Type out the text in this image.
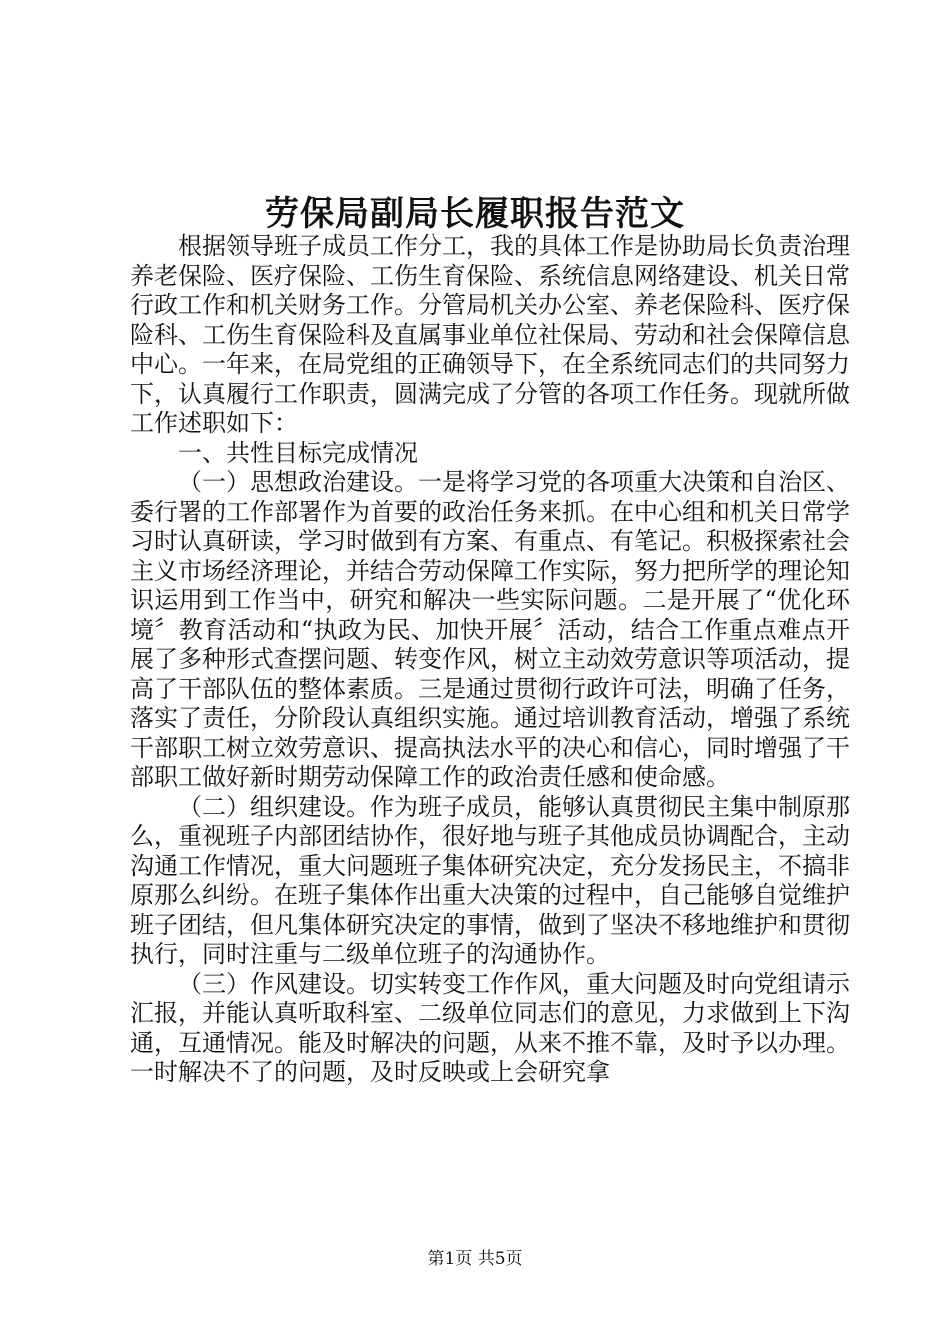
劳保局副局长履职报告范文

根据领导班子成员工作分工，我的具体工作是协助局长负责治理养老保险、医疗保险、工伤生育保险、系统信息网络建设、机关日常行政工作和机关财务工作。分管局机关办公室、养老保险科、医疗保险科、工伤生育保险科及直属事业单位社保局、劳动和社会保障信息中心。一年来，在局党组的正确领导下，在全系统同志们的共同努力下，认真履行工作职责，圆满完成了分管的各项工作任务。现就所做工作述职如下：

一、共性目标完成情况

（一）思想政治建设。一是将学习党的各项重大决策和自治区、委行署的工作部署作为首要的政治任务来抓。在中心组和机关日常学习时认真研读，学习时做到有方案、有重点、有笔记。积极探索社会主义市场经济理论，并结合劳动保障工作实际，努力把所学的理论知识运用到工作当中，研究和解决一些实际问题。二是开展了“优化环境〞教育活动和“执政为民、加快开展〞活动，结合工作重点难点开展了多种形式查摆问题、转变作风，树立主动效劳意识等项活动，提高了干部队伍的整体素质。三是通过贯彻行政许可法，明确了任务，落实了责任，分阶段认真组织实施。通过培训教育活动，增强了系统干部职工树立效劳意识、提高执法水平的决心和信心，同时增强了干部职工做好新时期劳动保障工作的政治责任感和使命感。

（二）组织建设。作为班子成员，能够认真贯彻民主集中制原那么，重视班子内部团结协作，很好地与班子其他成员协调配合，主动沟通工作情况，重大问题班子集体研究决定，充分发扬民主，不搞非原那么纠纷。在班子集体作出重大决策的过程中，自己能够自觉维护班子团结，但凡集体研究决定的事情，做到了坚决不移地维护和贯彻执行，同时注重与二级单位班子的沟通协作。

（三）作风建设。切实转变工作作风，重大问题及时向党组请示汇报，并能认真听取科室、二级单位同志们的意见，力求做到上下沟通，互通情况。能及时解决的问题，从来不推不靠，及时予以办理。一时解决不了的问题，及时反映或上会研究拿

第1页 共5页
